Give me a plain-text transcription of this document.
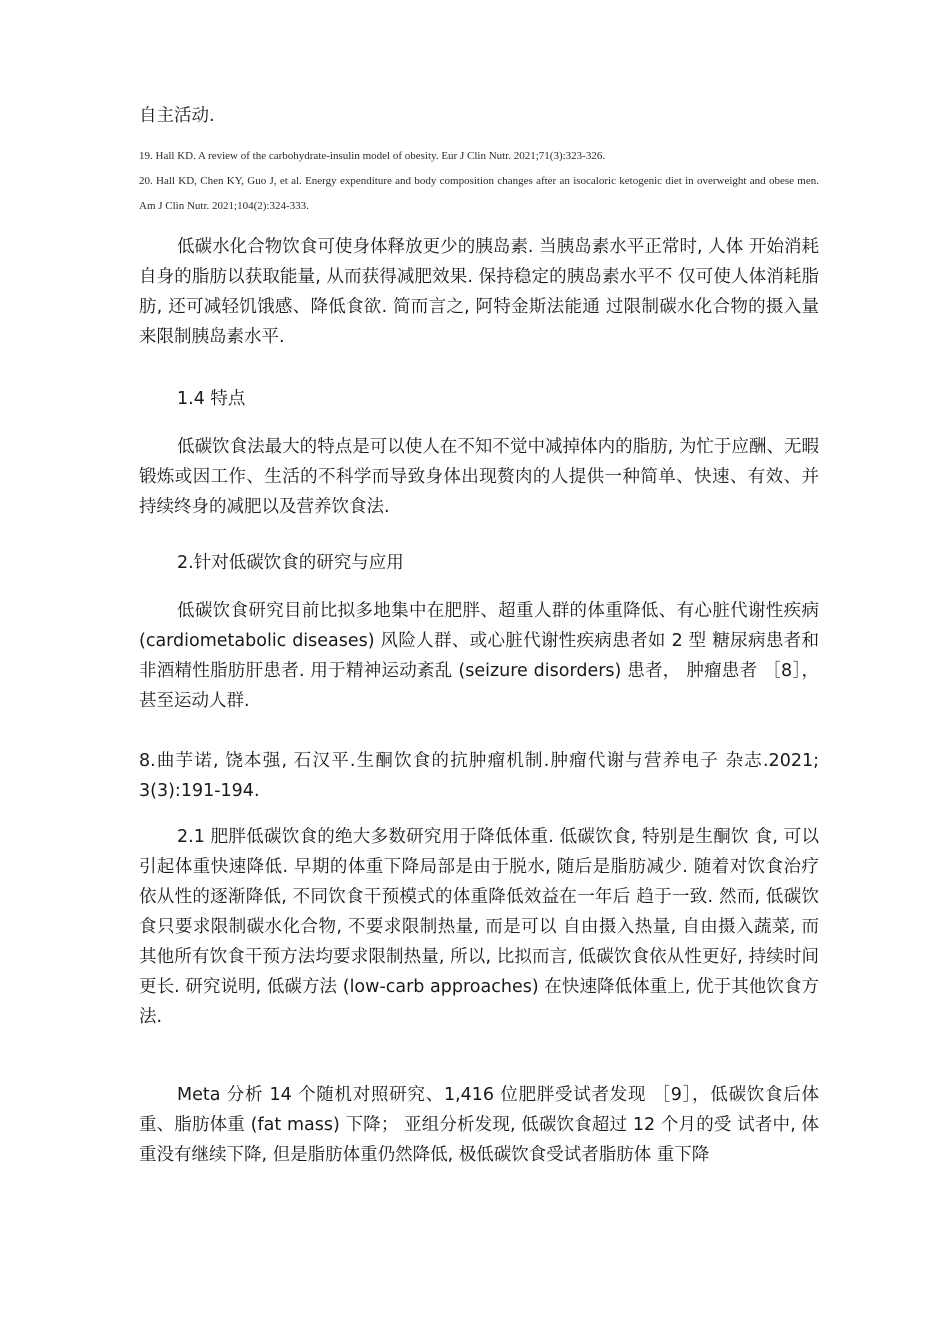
自主活动.

19. Hall KD. A review of the carbohydrate-insulin model of obesity. Eur J Clin Nutr. 2021;71(3):323-326.

20. Hall KD, Chen KY, Guo J, et al. Energy expenditure and body composition changes after an isocaloric ketogenic diet in overweight and obese men. Am J Clin Nutr. 2021;104(2):324-333.

低碳水化合物饮食可使身体释放更少的胰岛素. 当胰岛素水平正常时, 人体 开始消耗自身的脂肪以获取能量, 从而获得减肥效果. 保持稳定的胰岛素水平不 仅可使人体消耗脂肪, 还可减轻饥饿感、降低食欲. 简而言之, 阿特金斯法能通 过限制碳水化合物的摄入量来限制胰岛素水平.

1.4 特点

低碳饮食法最大的特点是可以使人在不知不觉中减掉体内的脂肪, 为忙于应酬、无暇锻炼或因工作、生活的不科学而导致身体出现赘肉的人提供一种简单、快速、有效、并持续终身的减肥以及营养饮食法.

2.针对低碳饮食的研究与应用

低碳饮食研究目前比拟多地集中在肥胖、超重人群的体重降低、有心脏代谢性疾病 (cardiometabolic diseases) 风险人群、或心脏代谢性疾病患者如 2 型 糖尿病患者和非酒精性脂肪肝患者. 用于精神运动紊乱 (seizure disorders) 患者， 肿瘤患者 ［8］，甚至运动人群.

8.曲芋诺, 饶本强, 石汉平.生酮饮食的抗肿瘤机制.肿瘤代谢与营养电子 杂志.2021; 3(3):191-194.

2.1 肥胖低碳饮食的绝大多数研究用于降低体重. 低碳饮食, 特别是生酮饮 食, 可以引起体重快速降低. 早期的体重下降局部是由于脱水, 随后是脂肪减少. 随着对饮食治疗依从性的逐渐降低, 不同饮食干预模式的体重降低效益在一年后 趋于一致. 然而, 低碳饮食只要求限制碳水化合物, 不要求限制热量, 而是可以 自由摄入热量, 自由摄入蔬菜, 而其他所有饮食干预方法均要求限制热量, 所以, 比拟而言, 低碳饮食依从性更好, 持续时间更长. 研究说明, 低碳方法 (low-carb approaches) 在快速降低体重上, 优于其他饮食方法.

Meta 分析 14 个随机对照研究、1,416 位肥胖受试者发现 ［9］，低碳饮食后体重、脂肪体重 (fat mass) 下降； 亚组分析发现, 低碳饮食超过 12 个月的受 试者中, 体重没有继续下降, 但是脂肪体重仍然降低, 极低碳饮食受试者脂肪体 重下降
